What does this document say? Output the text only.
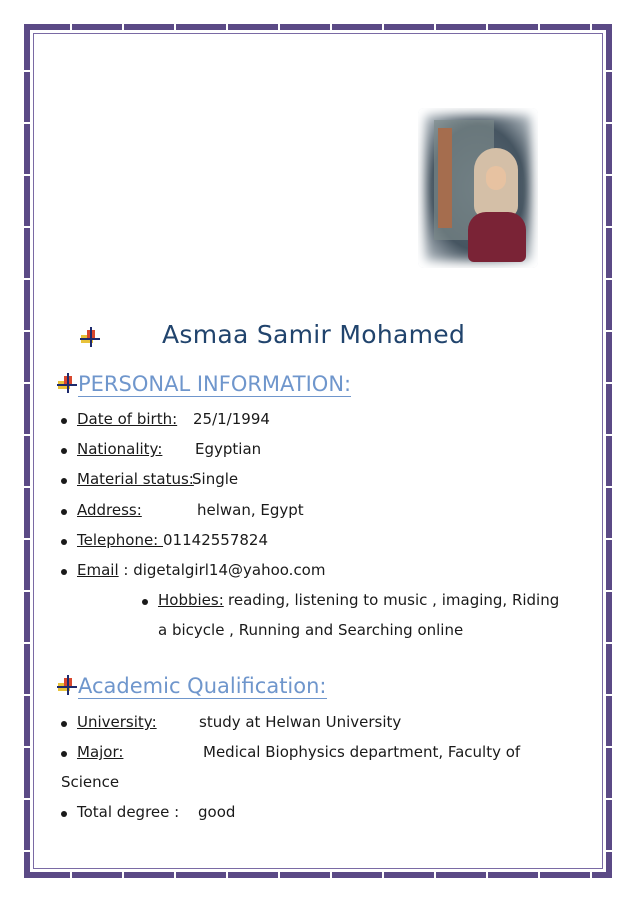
Asmaa Samir Mohamed
PERSONAL INFORMATION:
Date of birth: 25/1/1994
Nationality: Egyptian
Material status:
Single
Address:	helwan, Egypt
Telephone: 01142557824
Email : digetalgirl14@yahoo.com
Hobbies: reading, listening to music , imaging, Riding
a bicycle , Running and Searching online
Academic Qualification:
University:	study at Helwan University
Major:	Medical Biophysics department, Faculty of
Science
Total degree : good
